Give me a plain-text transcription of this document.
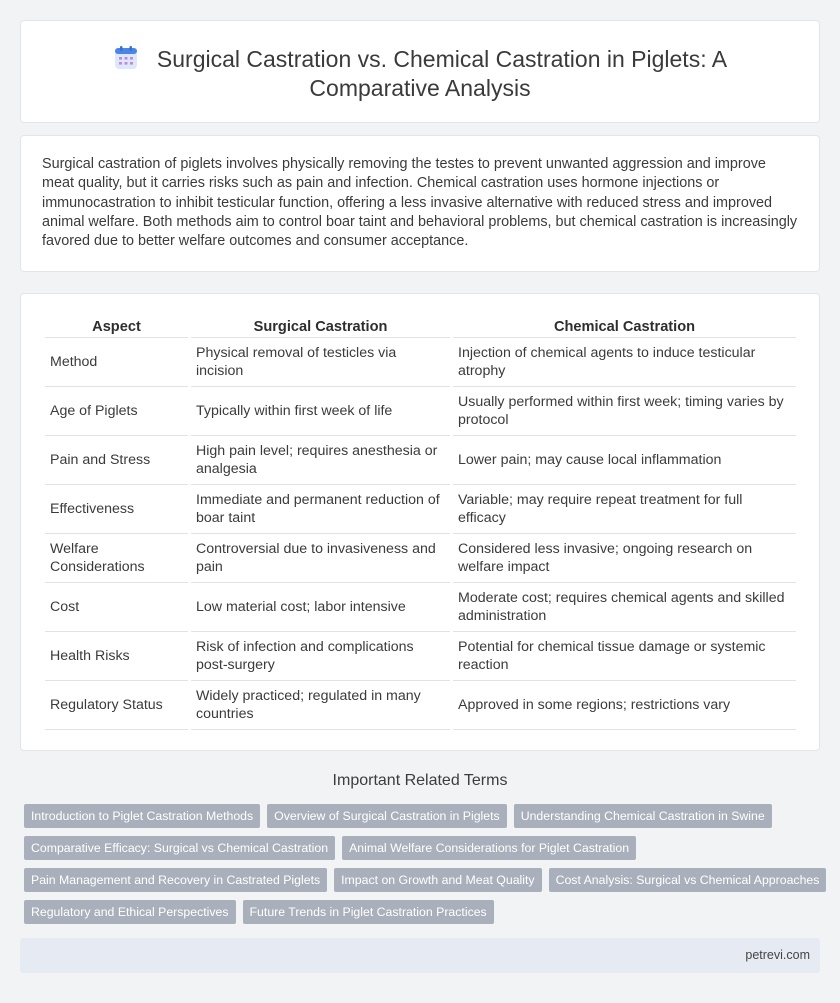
Surgical Castration vs. Chemical Castration in Piglets: A
Comparative Analysis

Surgical castration of piglets involves physically removing the testes to prevent unwanted aggression and improve meat quality, but it carries risks such as pain and infection. Chemical castration uses hormone injections or immunocastration to inhibit testicular function, offering a less invasive alternative with reduced stress and improved animal welfare. Both methods aim to control boar taint and behavioral problems, but chemical castration is increasingly favored due to better welfare outcomes and consumer acceptance.

Aspect	Surgical Castration	Chemical Castration
Method	Physical removal of testicles via incision	Injection of chemical agents to induce testicular atrophy
Age of Piglets	Typically within first week of life	Usually performed within first week; timing varies by protocol
Pain and Stress	High pain level; requires anesthesia or analgesia	Lower pain; may cause local inflammation
Effectiveness	Immediate and permanent reduction of boar taint	Variable; may require repeat treatment for full efficacy
Welfare Considerations	Controversial due to invasiveness and pain	Considered less invasive; ongoing research on welfare impact
Cost	Low material cost; labor intensive	Moderate cost; requires chemical agents and skilled administration
Health Risks	Risk of infection and complications post-surgery	Potential for chemical tissue damage or systemic reaction
Regulatory Status	Widely practiced; regulated in many countries	Approved in some regions; restrictions vary
Important Related Terms
Introduction to Piglet Castration Methods Overview of Surgical Castration in Piglets Understanding Chemical Castration in Swine
Comparative Efficacy: Surgical vs Chemical Castration Animal Welfare Considerations for Piglet Castration
Pain Management and Recovery in Castrated Piglets Impact on Growth and Meat Quality Cost Analysis: Surgical vs Chemical Approaches
Regulatory and Ethical Perspectives Future Trends in Piglet Castration Practices
petrevi.com
